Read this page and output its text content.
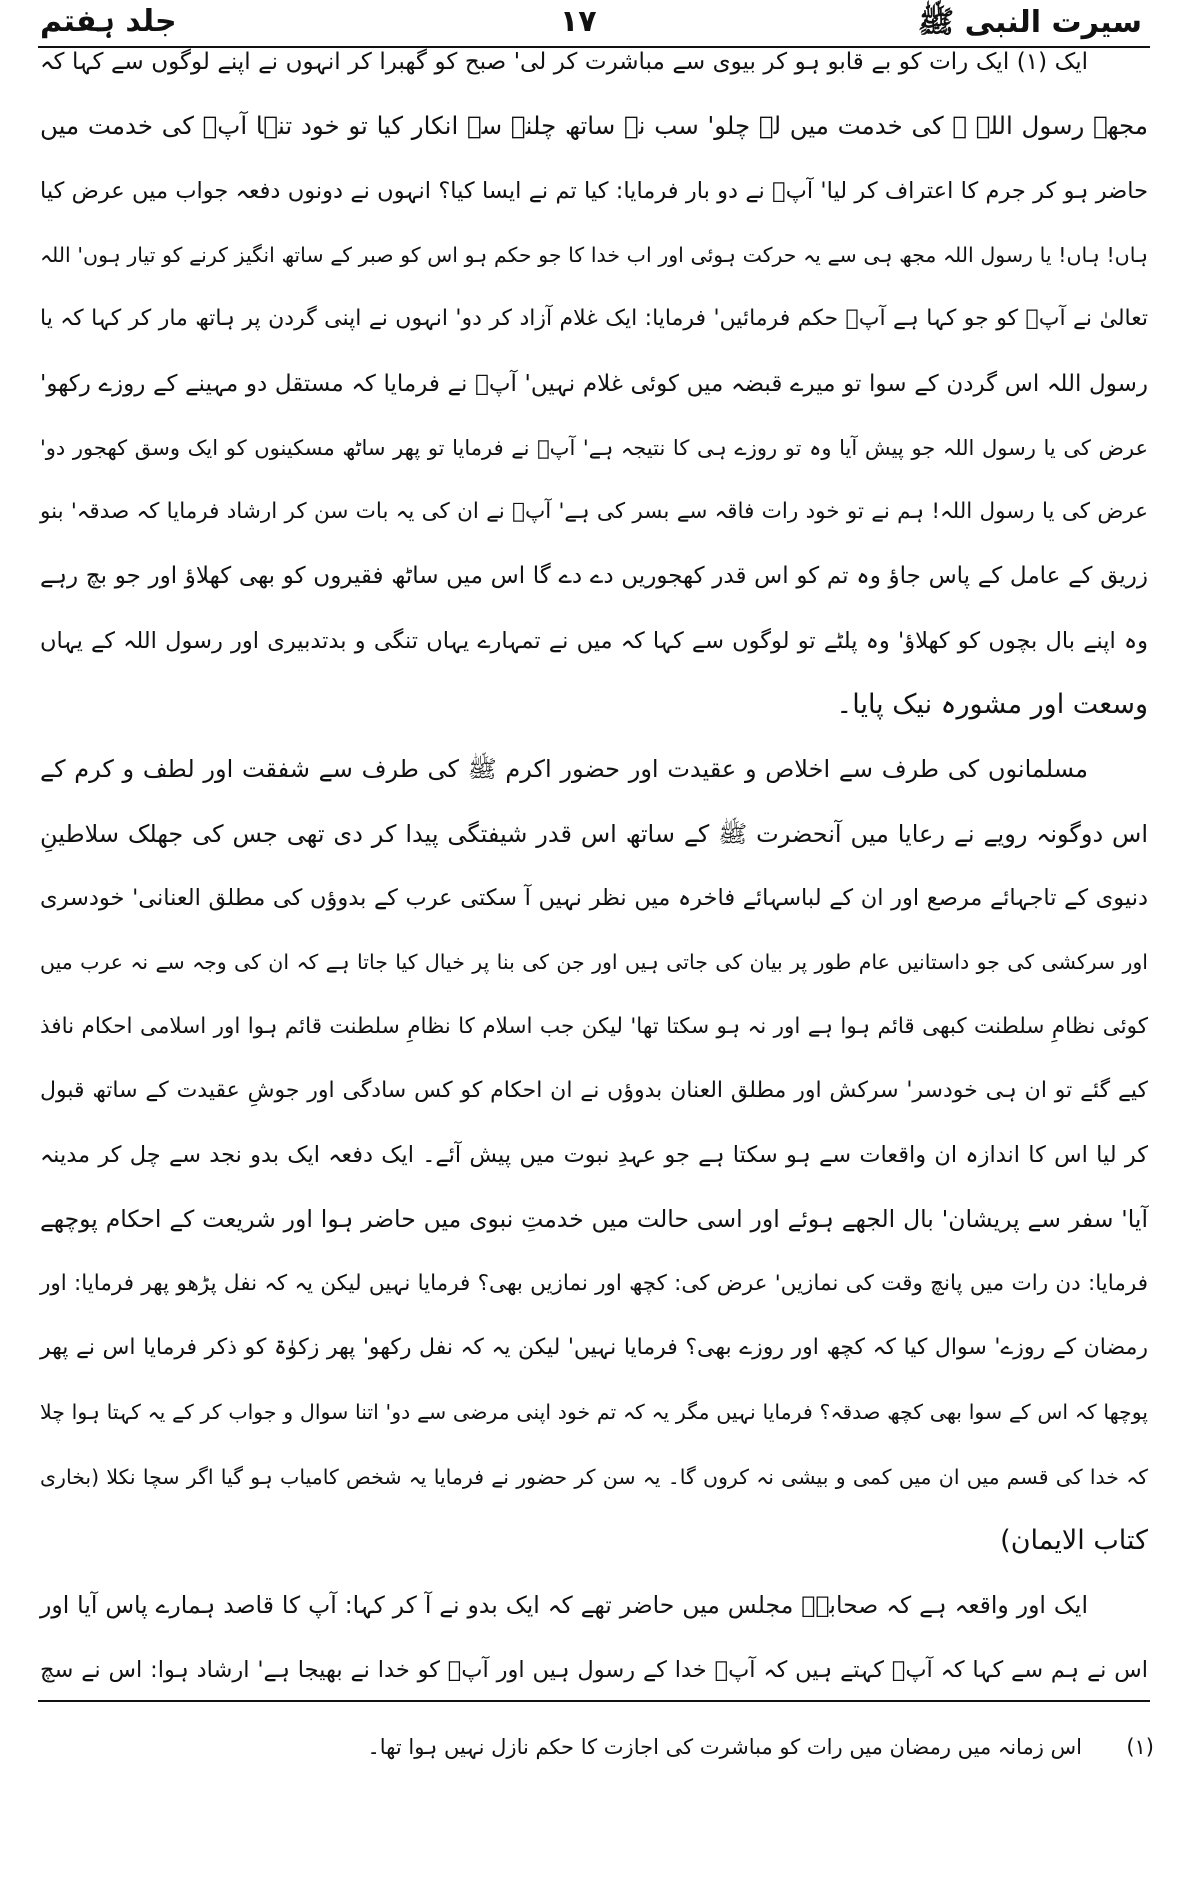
سیرت النبی ﷺ
۱۷
جلد ہفتم
ایک (۱) ایک رات کو بے قابو ہو کر بیوی سے مباشرت کر لی' صبح کو گھبرا کر انہوں نے اپنے لوگوں سے کہا کہ
مجھے رسول اللہ ﷺ کی خدمت میں لے چلو' سب نے ساتھ چلنے سے انکار کیا تو خود تنہا آپؐ کی خدمت میں
حاضر ہو کر جرم کا اعتراف کر لیا' آپؐ نے دو بار فرمایا: کیا تم نے ایسا کیا؟ انہوں نے دونوں دفعہ جواب میں عرض کیا
ہاں! ہاں! یا رسول اللہ مجھ ہی سے یہ حرکت ہوئی اور اب خدا کا جو حکم ہو اس کو صبر کے ساتھ انگیز کرنے کو تیار ہوں' اللہ
تعالیٰ نے آپؐ کو جو کہا ہے آپؐ حکم فرمائیں' فرمایا: ایک غلام آزاد کر دو' انہوں نے اپنی گردن پر ہاتھ مار کر کہا کہ یا
رسول اللہ اس گردن کے سوا تو میرے قبضہ میں کوئی غلام نہیں' آپؐ نے فرمایا کہ مستقل دو مہینے کے روزے رکھو'
عرض کی یا رسول اللہ جو پیش آیا وہ تو روزے ہی کا نتیجہ ہے' آپؐ نے فرمایا تو پھر ساٹھ مسکینوں کو ایک وسق کھجور دو'
عرض کی یا رسول اللہ! ہم نے تو خود رات فاقہ سے بسر کی ہے' آپؐ نے ان کی یہ بات سن کر ارشاد فرمایا کہ صدقہ' بنو
زریق کے عامل کے پاس جاؤ وہ تم کو اس قدر کھجوریں دے دے گا اس میں ساٹھ فقیروں کو بھی کھلاؤ اور جو بچ رہے
وہ اپنے بال بچوں کو کھلاؤ' وہ پلٹے تو لوگوں سے کہا کہ میں نے تمہارے یہاں تنگی و بدتدبیری اور رسول اللہ کے یہاں
وسعت اور مشورہ نیک پایا۔
مسلمانوں کی طرف سے اخلاص و عقیدت اور حضور اکرم ﷺ کی طرف سے شفقت اور لطف و کرم کے
اس دوگونہ رویے نے رعایا میں آنحضرت ﷺ کے ساتھ اس قدر شیفتگی پیدا کر دی تھی جس کی جھلک سلاطینِ
دنیوی کے تاجہائے مرصع اور ان کے لباسہائے فاخرہ میں نظر نہیں آ سکتی عرب کے بدوؤں کی مطلق العنانی' خودسری
اور سرکشی کی جو داستانیں عام طور پر بیان کی جاتی ہیں اور جن کی بنا پر خیال کیا جاتا ہے کہ ان کی وجہ سے نہ عرب میں
کوئی نظامِ سلطنت کبھی قائم ہوا ہے اور نہ ہو سکتا تھا' لیکن جب اسلام کا نظامِ سلطنت قائم ہوا اور اسلامی احکام نافذ
کیے گئے تو ان ہی خودسر' سرکش اور مطلق العنان بدوؤں نے ان احکام کو کس سادگی اور جوشِ عقیدت کے ساتھ قبول
کر لیا اس کا اندازہ ان واقعات سے ہو سکتا ہے جو عہدِ نبوت میں پیش آئے۔ ایک دفعہ ایک بدو نجد سے چل کر مدینہ
آیا' سفر سے پریشان' بال الجھے ہوئے اور اسی حالت میں خدمتِ نبوی میں حاضر ہوا اور شریعت کے احکام پوچھے
فرمایا: دن رات میں پانچ وقت کی نمازیں' عرض کی: کچھ اور نمازیں بھی؟ فرمایا نہیں لیکن یہ کہ نفل پڑھو پھر فرمایا: اور
رمضان کے روزے' سوال کیا کہ کچھ اور روزے بھی؟ فرمایا نہیں' لیکن یہ کہ نفل رکھو' پھر زکوٰۃ کو ذکر فرمایا اس نے پھر
پوچھا کہ اس کے سوا بھی کچھ صدقہ؟ فرمایا نہیں مگر یہ کہ تم خود اپنی مرضی سے دو' اتنا سوال و جواب کر کے یہ کہتا ہوا چلا
کہ خدا کی قسم میں ان میں کمی و بیشی نہ کروں گا۔ یہ سن کر حضور نے فرمایا یہ شخص کامیاب ہو گیا اگر سچا نکلا (بخاری
کتاب الایمان)
ایک اور واقعہ ہے کہ صحابہؓ مجلس میں حاضر تھے کہ ایک بدو نے آ کر کہا: آپ کا قاصد ہمارے پاس آیا اور
اس نے ہم سے کہا کہ آپؐ کہتے ہیں کہ آپؐ خدا کے رسول ہیں اور آپؐ کو خدا نے بھیجا ہے' ارشاد ہوا: اس نے سچ
(۱)
اس زمانہ میں رمضان میں رات کو مباشرت کی اجازت کا حکم نازل نہیں ہوا تھا۔
